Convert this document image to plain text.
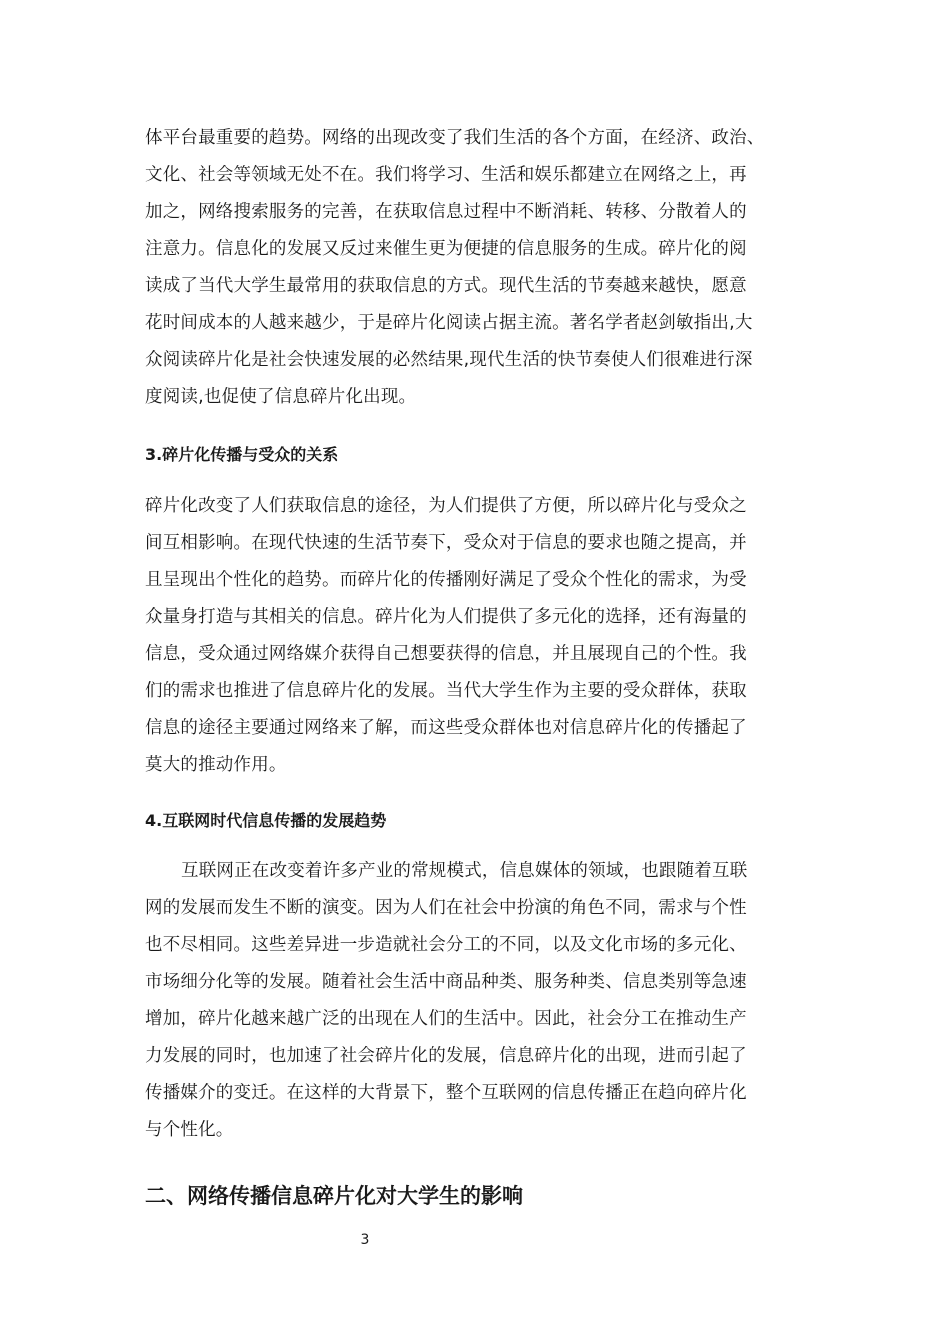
体平台最重要的趋势。网络的出现改变了我们生活的各个方面，在经济、政治、
文化、社会等领域无处不在。我们将学习、生活和娱乐都建立在网络之上，再
加之，网络搜索服务的完善，在获取信息过程中不断消耗、转移、分散着人的
注意力。信息化的发展又反过来催生更为便捷的信息服务的生成。碎片化的阅
读成了当代大学生最常用的获取信息的方式。现代生活的节奏越来越快，愿意
花时间成本的人越来越少，于是碎片化阅读占据主流。著名学者赵剑敏指出,大
众阅读碎片化是社会快速发展的必然结果,现代生活的快节奏使人们很难进行深
度阅读,也促使了信息碎片化出现。
3.碎片化传播与受众的关系
碎片化改变了人们获取信息的途径，为人们提供了方便，所以碎片化与受众之
间互相影响。在现代快速的生活节奏下，受众对于信息的要求也随之提高，并
且呈现出个性化的趋势。而碎片化的传播刚好满足了受众个性化的需求，为受
众量身打造与其相关的信息。碎片化为人们提供了多元化的选择，还有海量的
信息，受众通过网络媒介获得自己想要获得的信息，并且展现自己的个性。我
们的需求也推进了信息碎片化的发展。当代大学生作为主要的受众群体，获取
信息的途径主要通过网络来了解，而这些受众群体也对信息碎片化的传播起了
莫大的推动作用。
4.互联网时代信息传播的发展趋势
互联网正在改变着许多产业的常规模式，信息媒体的领域，也跟随着互联
网的发展而发生不断的演变。因为人们在社会中扮演的角色不同，需求与个性
也不尽相同。这些差异进一步造就社会分工的不同，以及文化市场的多元化、
市场细分化等的发展。随着社会生活中商品种类、服务种类、信息类别等急速
增加，碎片化越来越广泛的出现在人们的生活中。因此，社会分工在推动生产
力发展的同时，也加速了社会碎片化的发展，信息碎片化的出现，进而引起了
传播媒介的变迁。在这样的大背景下，整个互联网的信息传播正在趋向碎片化
与个性化。
二、网络传播信息碎片化对大学生的影响
3
